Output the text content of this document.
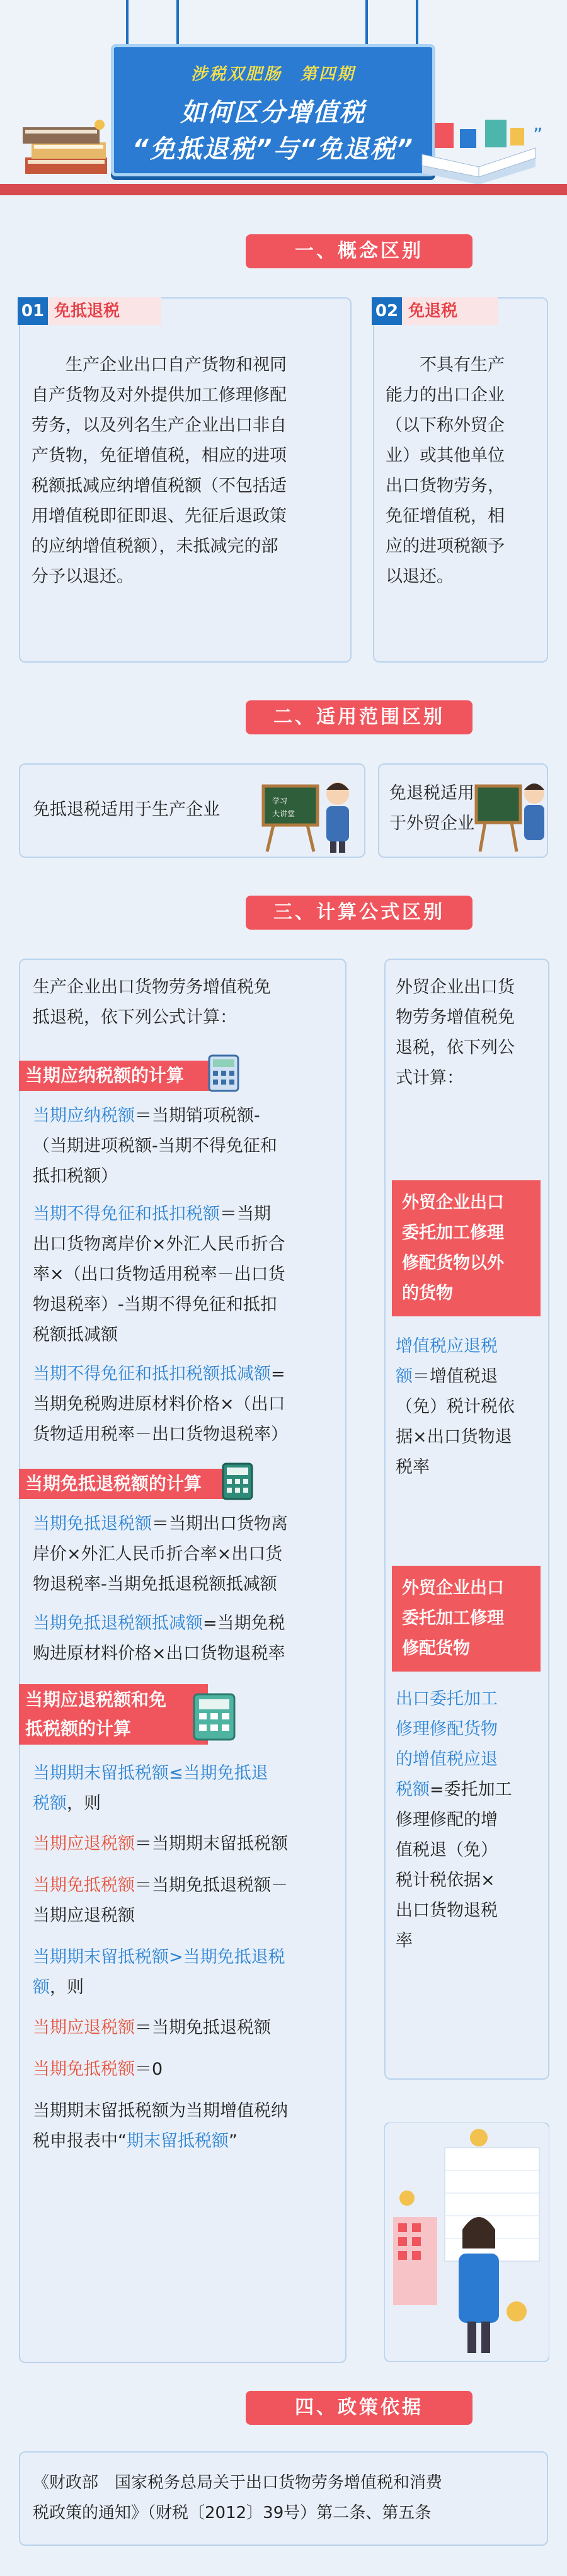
涉税双肥肠　第四期
如何区分增值税
“免抵退税”与“免退税”	”
一、概念区别
01 免抵退税

　　生产企业出口自产货物和视同

自产货物及对外提供加工修理修配

劳务，以及列名生产企业出口非自

产货物，免征增值税，相应的进项

税额抵减应纳增值税额（不包括适

用增值税即征即退、先征后退政策

的应纳增值税额），未抵减完的部

分予以退还。

02 免退税

　　不具有生产

能力的出口企业

（以下称外贸企

业）或其他单位

出口货物劳务，

免征增值税，相

应的进项税额予

以退还。

二、适用范围区别
免抵退税适用于生产企业	学习
大讲堂

免退税适用

于外贸企业

三、计算公式区别

生产企业出口货物劳务增值税免

抵退税，依下列公式计算：

当期应纳税额的计算

当期应纳税额＝当期销项税额-

（当期进项税额-当期不得免征和

抵扣税额）

当期不得免征和抵扣税额＝当期

出口货物离岸价×外汇人民币折合

率×（出口货物适用税率－出口货

物退税率）-当期不得免征和抵扣

税额抵减额

当期不得免征和抵扣税额抵减额=

当期免税购进原材料价格×（出口

货物适用税率－出口货物退税率）

当期免抵退税额的计算

当期免抵退税额＝当期出口货物离

岸价×外汇人民币折合率×出口货

物退税率-当期免抵退税额抵减额

当期免抵退税额抵减额=当期免税

购进原材料价格×出口货物退税率

当期应退税额和免

抵税额的计算

当期期末留抵税额≤当期免抵退

税额，则

当期应退税额＝当期期末留抵税额

当期免抵税额＝当期免抵退税额－

当期应退税额

当期期末留抵税额>当期免抵退税

额，则

当期应退税额＝当期免抵退税额

当期免抵税额＝0

当期期末留抵税额为当期增值税纳

税申报表中“期末留抵税额”

外贸企业出口货

物劳务增值税免

退税，依下列公

式计算：

外贸企业出口

委托加工修理

修配货物以外

的货物

增值税应退税

额＝增值税退

（免）税计税依

据×出口货物退

税率

外贸企业出口

委托加工修理

修配货物

出口委托加工

修理修配货物

的增值税应退

税额=委托加工

修理修配的增

值税退（免）

税计税依据×

出口货物退税

率

四、政策依据

《财政部　国家税务总局关于出口货物劳务增值税和消费

税政策的通知》（财税〔2012〕39号）第二条、第五条
